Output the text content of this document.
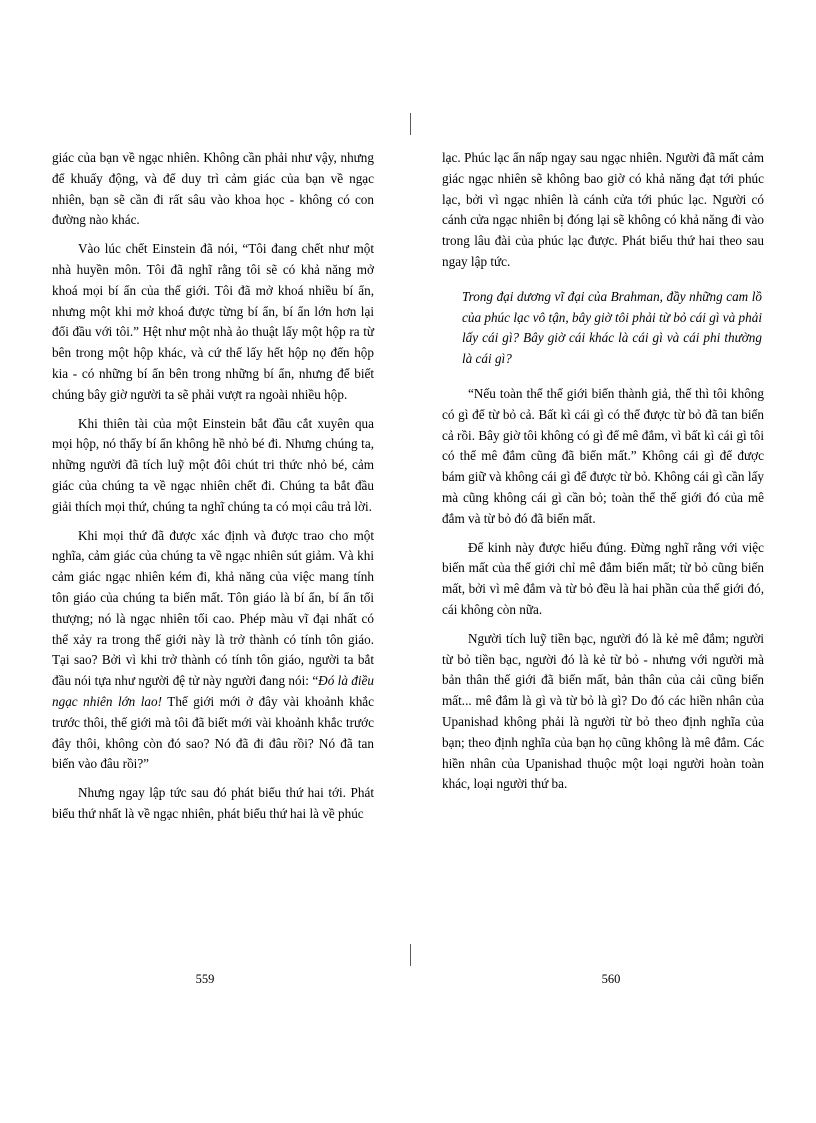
giác của bạn về ngạc nhiên. Không cần phải như vậy, nhưng để khuấy động, và để duy trì cảm giác của bạn về ngạc nhiên, bạn sẽ cần đi rất sâu vào khoa học - không có con đường nào khác.

Vào lúc chết Einstein đã nói, “Tôi đang chết như một nhà huyền môn. Tôi đã nghĩ rằng tôi sẽ có khả năng mở khoá mọi bí ẩn của thế giới. Tôi đã mở khoá nhiều bí ẩn, nhưng một khi mở khoá được từng bí ẩn, bí ẩn lớn hơn lại đối đầu với tôi.” Hệt như một nhà ảo thuật lấy một hộp ra từ bên trong một hộp khác, và cứ thế lấy hết hộp nọ đến hộp kia - có những bí ẩn bên trong những bí ẩn, nhưng để biết chúng bây giờ người ta sẽ phải vượt ra ngoài nhiều hộp.

Khi thiên tài của một Einstein bắt đầu cắt xuyên qua mọi hộp, nó thấy bí ẩn không hề nhỏ bé đi. Nhưng chúng ta, những người đã tích luỹ một đôi chút tri thức nhỏ bé, cảm giác của chúng ta về ngạc nhiên chết đi. Chúng ta bắt đầu giải thích mọi thứ, chúng ta nghĩ chúng ta có mọi câu trả lời.

Khi mọi thứ đã được xác định và được trao cho một nghĩa, cảm giác của chúng ta về ngạc nhiên sút giảm. Và khi cảm giác ngạc nhiên kém đi, khả năng của việc mang tính tôn giáo của chúng ta biến mất. Tôn giáo là bí ẩn, bí ẩn tối thượng; nó là ngạc nhiên tối cao. Phép màu vĩ đại nhất có thể xảy ra trong thế giới này là trở thành có tính tôn giáo. Tại sao? Bởi vì khi trở thành có tính tôn giáo, người ta bắt đầu nói tựa như người đệ tử này người đang nói: “Đó là điều ngạc nhiên lớn lao! Thế giới mới ở đây vài khoảnh khắc trước thôi, thế giới mà tôi đã biết mới vài khoảnh khắc trước đây thôi, không còn đó sao? Nó đã đi đâu rồi? Nó đã tan biến vào đâu rồi?”

Nhưng ngay lập tức sau đó phát biểu thứ hai tới. Phát biểu thứ nhất là về ngạc nhiên, phát biểu thứ hai là về phúc

lạc. Phúc lạc ẩn nấp ngay sau ngạc nhiên. Người đã mất cảm giác ngạc nhiên sẽ không bao giờ có khả năng đạt tới phúc lạc, bởi vì ngạc nhiên là cánh cửa tới phúc lạc. Người có cánh cửa ngạc nhiên bị đóng lại sẽ không có khả năng đi vào trong lâu đài của phúc lạc được. Phát biểu thứ hai theo sau ngay lập tức.

Trong đại dương vĩ đại của Brahman, đầy những cam lồ của phúc lạc vô tận, bây giờ tôi phải từ bỏ cái gì và phải lấy cái gì? Bây giờ cái khác là cái gì và cái phi thường là cái gì?

“Nếu toàn thể thế giới biến thành giả, thế thì tôi không có gì để từ bỏ cả. Bất kì cái gì có thể được từ bỏ đã tan biến cả rồi. Bây giờ tôi không có gì để mê đắm, vì bất kì cái gì tôi có thể mê đắm cũng đã biến mất.” Không cái gì để được bám giữ và không cái gì để được từ bỏ. Không cái gì cần lấy mà cũng không cái gì cần bỏ; toàn thể thế giới đó của mê đắm và từ bỏ đó đã biến mất.

Để kinh này được hiểu đúng. Đừng nghĩ rằng với việc biến mất của thế giới chỉ mê đắm biến mất; từ bỏ cũng biến mất, bởi vì mê đắm và từ bỏ đều là hai phần của thế giới đó, cái không còn nữa.

Người tích luỹ tiền bạc, người đó là kẻ mê đắm; người từ bỏ tiền bạc, người đó là kẻ từ bỏ - nhưng với người mà bản thân thế giới đã biến mất, bản thân của cải cũng biến mất... mê đắm là gì và từ bỏ là gì? Do đó các hiền nhân của Upanishad không phải là người từ bỏ theo định nghĩa của bạn; theo định nghĩa của bạn họ cũng không là mê đắm. Các hiền nhân của Upanishad thuộc một loại người hoàn toàn khác, loại người thứ ba.

559	560
